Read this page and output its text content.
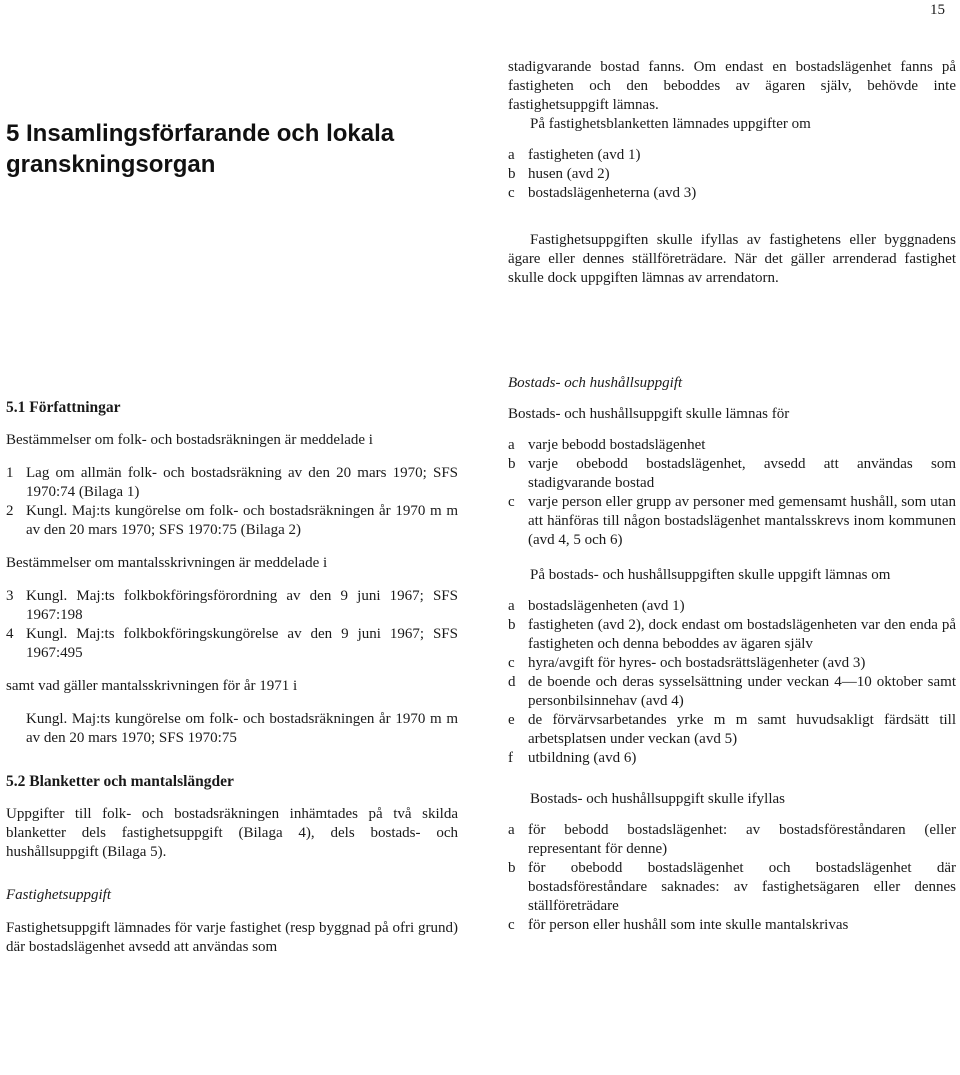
15
5 Insamlingsförfarande och lokala granskningsorgan

stadigvarande bostad fanns. Om endast en bostadslägenhet fanns på fastigheten och den beboddes av ägaren själv, behövde inte fastighetsuppgift lämnas.

På fastighetsblanketten lämnades uppgifter om

a fastigheten (avd 1)
b husen (avd 2)
c bostadslägenheterna (avd 3)

Fastighetsuppgiften skulle ifyllas av fastighetens eller byggnadens ägare eller dennes ställföreträdare. När det gäller arrenderad fastighet skulle dock uppgiften lämnas av arrendatorn.

5.1 Författningar

Bestämmelser om folk- och bostadsräkningen är meddelade i

1 Lag om allmän folk- och bostadsräkning av den 20 mars 1970; SFS 1970:74 (Bilaga 1)
2 Kungl. Maj:ts kungörelse om folk- och bostadsräkningen år 1970 m m av den 20 mars 1970; SFS 1970:75 (Bilaga 2)

Bestämmelser om mantalsskrivningen är meddelade i

3 Kungl. Maj:ts folkbokföringsförordning av den 9 juni 1967; SFS 1967:198
4 Kungl. Maj:ts folkbokföringskungörelse av den 9 juni 1967; SFS 1967:495

samt vad gäller mantalsskrivningen för år 1971 i

Kungl. Maj:ts kungörelse om folk- och bostadsräkningen år 1970 m m av den 20 mars 1970; SFS 1970:75

5.2 Blanketter och mantalslängder

Uppgifter till folk- och bostadsräkningen inhämtades på två skilda blanketter dels fastighetsuppgift (Bilaga 4), dels bostads- och hushållsuppgift (Bilaga 5).

Fastighetsuppgift

Fastighetsuppgift lämnades för varje fastighet (resp byggnad på ofri grund) där bostadslägenhet avsedd att användas som

Bostads- och hushållsuppgift

Bostads- och hushållsuppgift skulle lämnas för

a varje bebodd bostadslägenhet
b varje obebodd bostadslägenhet, avsedd att användas som stadigvarande bostad
c varje person eller grupp av personer med gemensamt hushåll, som utan att hänföras till någon bostadslägenhet mantalsskrevs inom kommunen (avd 4, 5 och 6)

På bostads- och hushållsuppgiften skulle uppgift lämnas om

a bostadslägenheten (avd 1)
b fastigheten (avd 2), dock endast om bostadslägenheten var den enda på fastigheten och denna beboddes av ägaren själv
c hyra/avgift för hyres- och bostadsrättslägenheter (avd 3)
d de boende och deras sysselsättning under veckan 4—10 oktober samt personbilsinnehav (avd 4)
e de förvärvsarbetandes yrke m m samt huvudsakligt färdsätt till arbetsplatsen under veckan (avd 5)
f	utbildning (avd 6)

Bostads- och hushållsuppgift skulle ifyllas

a för bebodd bostadslägenhet: av bostadsföreståndaren (eller representant för denne)
b för obebodd bostadslägenhet och bostadslägenhet där bostadsföreståndare saknades: av fastighetsägaren eller dennes ställföreträdare
c för person eller hushåll som inte skulle mantalskrivas
